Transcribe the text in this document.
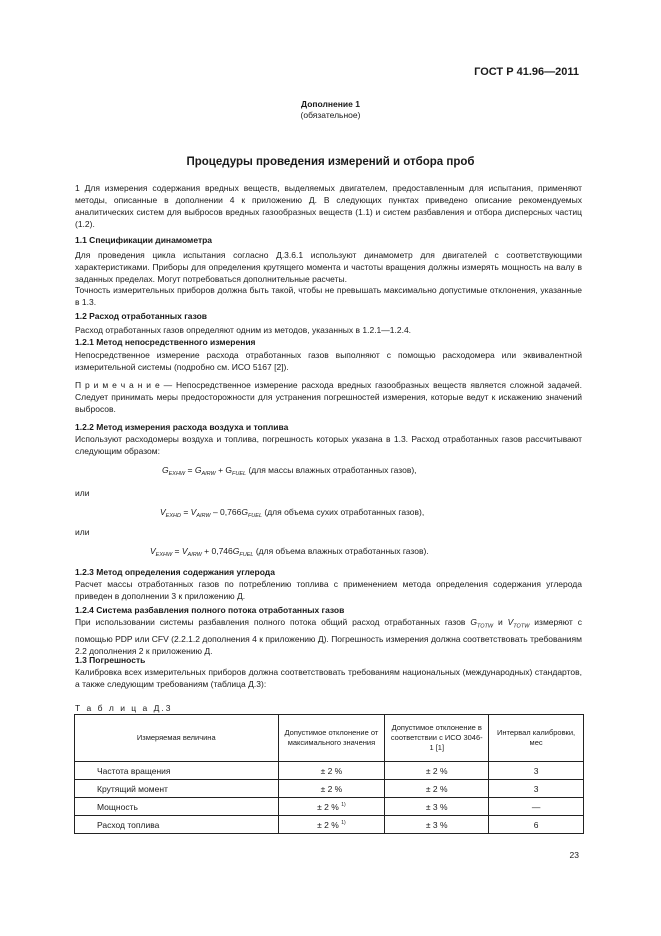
ГОСТ Р 41.96—2011
Дополнение 1
(обязательное)
Процедуры проведения измерений и отбора проб

1 Для измерения содержания вредных веществ, выделяемых двигателем, предоставленным для испытания, применяют методы, описанные в дополнении 4 к приложению Д. В следующих пунктах приведено описание рекомендуемых аналитических систем для выбросов вредных газообразных веществ (1.1) и систем разбавления и отбора дисперсных частиц (1.2).

1.1 Спецификации динамометра

Для проведения цикла испытания согласно Д.3.6.1 используют динамометр для двигателей с соответствующими характеристиками. Приборы для определения крутящего момента и частоты вращения должны измерять мощность на валу в заданных пределах. Могут потребоваться дополнительные расчеты.

Точность измерительных приборов должна быть такой, чтобы не превышать максимально допустимые отклонения, указанные в 1.3.

1.2 Расход отработанных газов

Расход отработанных газов определяют одним из методов, указанных в 1.2.1—1.2.4.

1.2.1 Метод непосредственного измерения

Непосредственное измерение расхода отработанных газов выполняют с помощью расходомера или эквивалентной измерительной системы (подробно см. ИСО 5167 [2]).

П р и м е ч а н и е — Непосредственное измерение расхода вредных газообразных веществ является сложной задачей. Следует принимать меры предосторожности для устранения погрешностей измерения, которые ведут к искажению значений выбросов.

1.2.2 Метод измерения расхода воздуха и топлива

Используют расходомеры воздуха и топлива, погрешность которых указана в 1.3. Расход отработанных газов рассчитывают следующим образом:

$G_{EXHW} = G_{AIRW} + G_{FUEL}$ (для массы влажных отработанных газов),
или
$V_{EXHD} = V_{AIRW} - 0,766G_{FUEL}$ (для объема сухих отработанных газов),
или
$V_{EXHW} = V_{AIRW} + 0,746G_{FUEL}$ (для объема влажных отработанных газов).

1.2.3 Метод определения содержания углерода

Расчет массы отработанных газов по потреблению топлива с применением метода определения содержания углерода приведен в дополнении 3 к приложению Д.

1.2.4 Система разбавления полного потока отработанных газов

При использовании системы разбавления полного потока общий расход отработанных газов $G_{TOTW}$ и $V_{TOTW}$ измеряют с помощью PDP или CFV (2.2.1.2 дополнения 4 к приложению Д). Погрешность измерения должна соответствовать требованиям 2.2 дополнения 2 к приложению Д.

1.3 Погрешность

Калибровка всех измерительных приборов должна соответствовать требованиям национальных (международных) стандартов, а также следующим требованиям (таблица Д.3):

Т а б л и ц а Д.3
Измеряемая величина	Допустимое отклонение от максимального значения	Допустимое отклонение в соответствии с ИСО 3046-1 [1]	Интервал калибровки, мес
Частота вращения	± 2 %	± 2 %	3
Крутящий момент	± 2 %	± 2 %	3
Мощность	± 2 % $^{1)}$	± 3 %	—
Расход топлива	± 2 % $^{1)}$	± 3 %	6
23
